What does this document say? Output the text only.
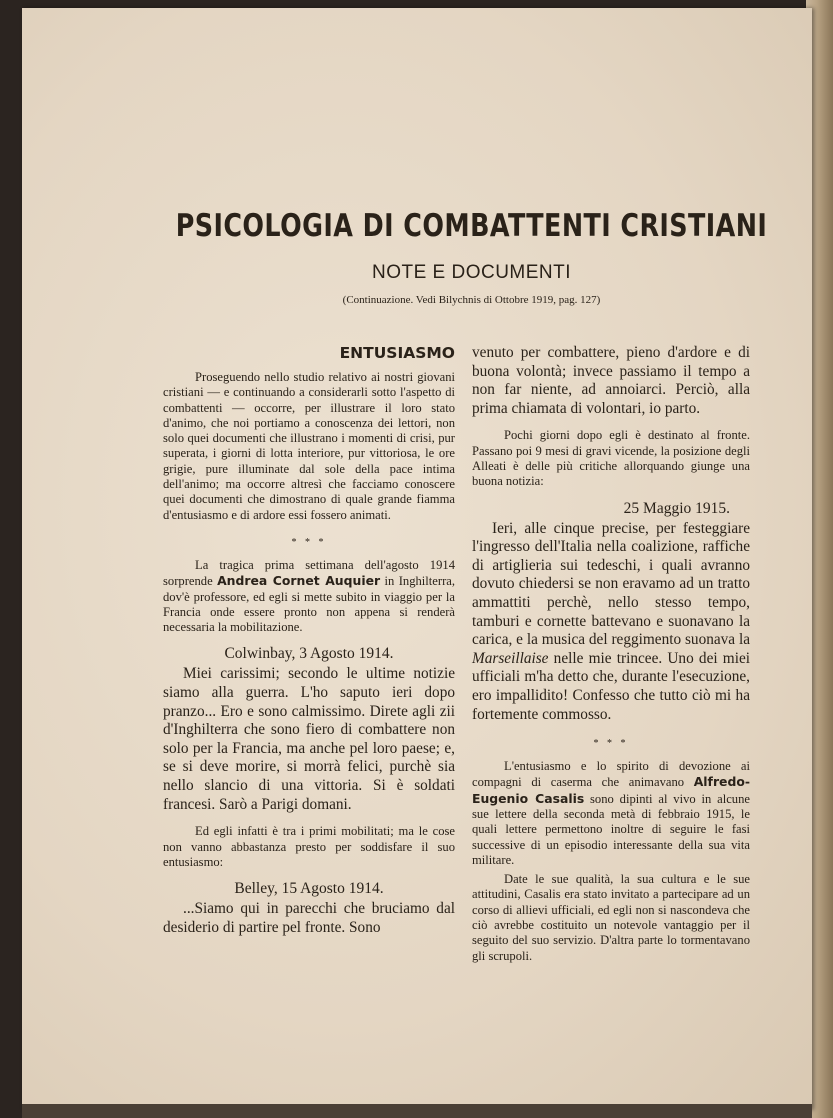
PSICOLOGIA DI COMBATTENTI CRISTIANI
NOTE E DOCUMENTI
(Continuazione. Vedi Bilychnis di Ottobre 1919, pag. 127)
ENTUSIASMO

Proseguendo nello studio relativo ai nostri giovani cristiani — e continuando a considerarli sotto l'aspetto di combattenti — occorre, per illustrare il loro stato d'animo, che noi portiamo a conoscenza dei lettori, non solo quei documenti che illustrano i momenti di crisi, pur superata, i giorni di lotta interiore, pur vittoriosa, le ore grigie, pure illuminate dal sole della pace intima dell'animo; ma occorre altresì che facciamo conoscere quei documenti che dimostrano di quale grande fiamma d'entusiasmo e di ardore essi fossero animati.

* * *

La tragica prima settimana dell'agosto 1914 sorprende Andrea Cornet Auquier in Inghilterra, dov'è professore, ed egli si mette subito in viaggio per la Francia onde essere pronto non appena si renderà necessaria la mobilitazione.

Colwinbay, 3 Agosto 1914.

Miei carissimi; secondo le ultime notizie siamo alla guerra. L'ho saputo ieri dopo pranzo... Ero e sono calmissimo. Direte agli zii d'Inghilterra che sono fiero di combattere non solo per la Francia, ma anche pel loro paese; e, se si deve morire, si morrà felici, purchè sia nello slancio di una vittoria. Si è soldati francesi. Sarò a Parigi domani.

Ed egli infatti è tra i primi mobilitati; ma le cose non vanno abbastanza presto per soddisfare il suo entusiasmo:

Belley, 15 Agosto 1914.

...Siamo qui in parecchi che bruciamo dal desiderio di partire pel fronte. Sono

venuto per combattere, pieno d'ardore e di buona volontà; invece passiamo il tempo a non far niente, ad annoiarci. Perciò, alla prima chiamata di volontari, io parto.

Pochi giorni dopo egli è destinato al fronte. Passano poi 9 mesi di gravi vicende, la posizione degli Alleati è delle più critiche allorquando giunge una buona notizia:

25 Maggio 1915.

Ieri, alle cinque precise, per festeggiare l'ingresso dell'Italia nella coalizione, raffiche di artiglieria sui tedeschi, i quali avranno dovuto chiedersi se non eravamo ad un tratto ammattiti perchè, nello stesso tempo, tamburi e cornette battevano e suonavano la carica, e la musica del reggimento suonava la Marseillaise nelle mie trincee. Uno dei miei ufficiali m'ha detto che, durante l'esecuzione, ero impallidito! Confesso che tutto ciò mi ha fortemente commosso.

* * *

L'entusiasmo e lo spirito di devozione ai compagni di caserma che animavano Alfredo-Eugenio Casalis sono dipinti al vivo in alcune sue lettere della seconda metà di febbraio 1915, le quali lettere permettono inoltre di seguire le fasi successive di un episodio interessante della sua vita militare.

Date le sue qualità, la sua cultura e le sue attitudini, Casalis era stato invitato a partecipare ad un corso di allievi ufficiali, ed egli non si nascondeva che ciò avrebbe costituito un notevole vantaggio per il seguito del suo servizio. D'altra parte lo tormentavano gli scrupoli.
